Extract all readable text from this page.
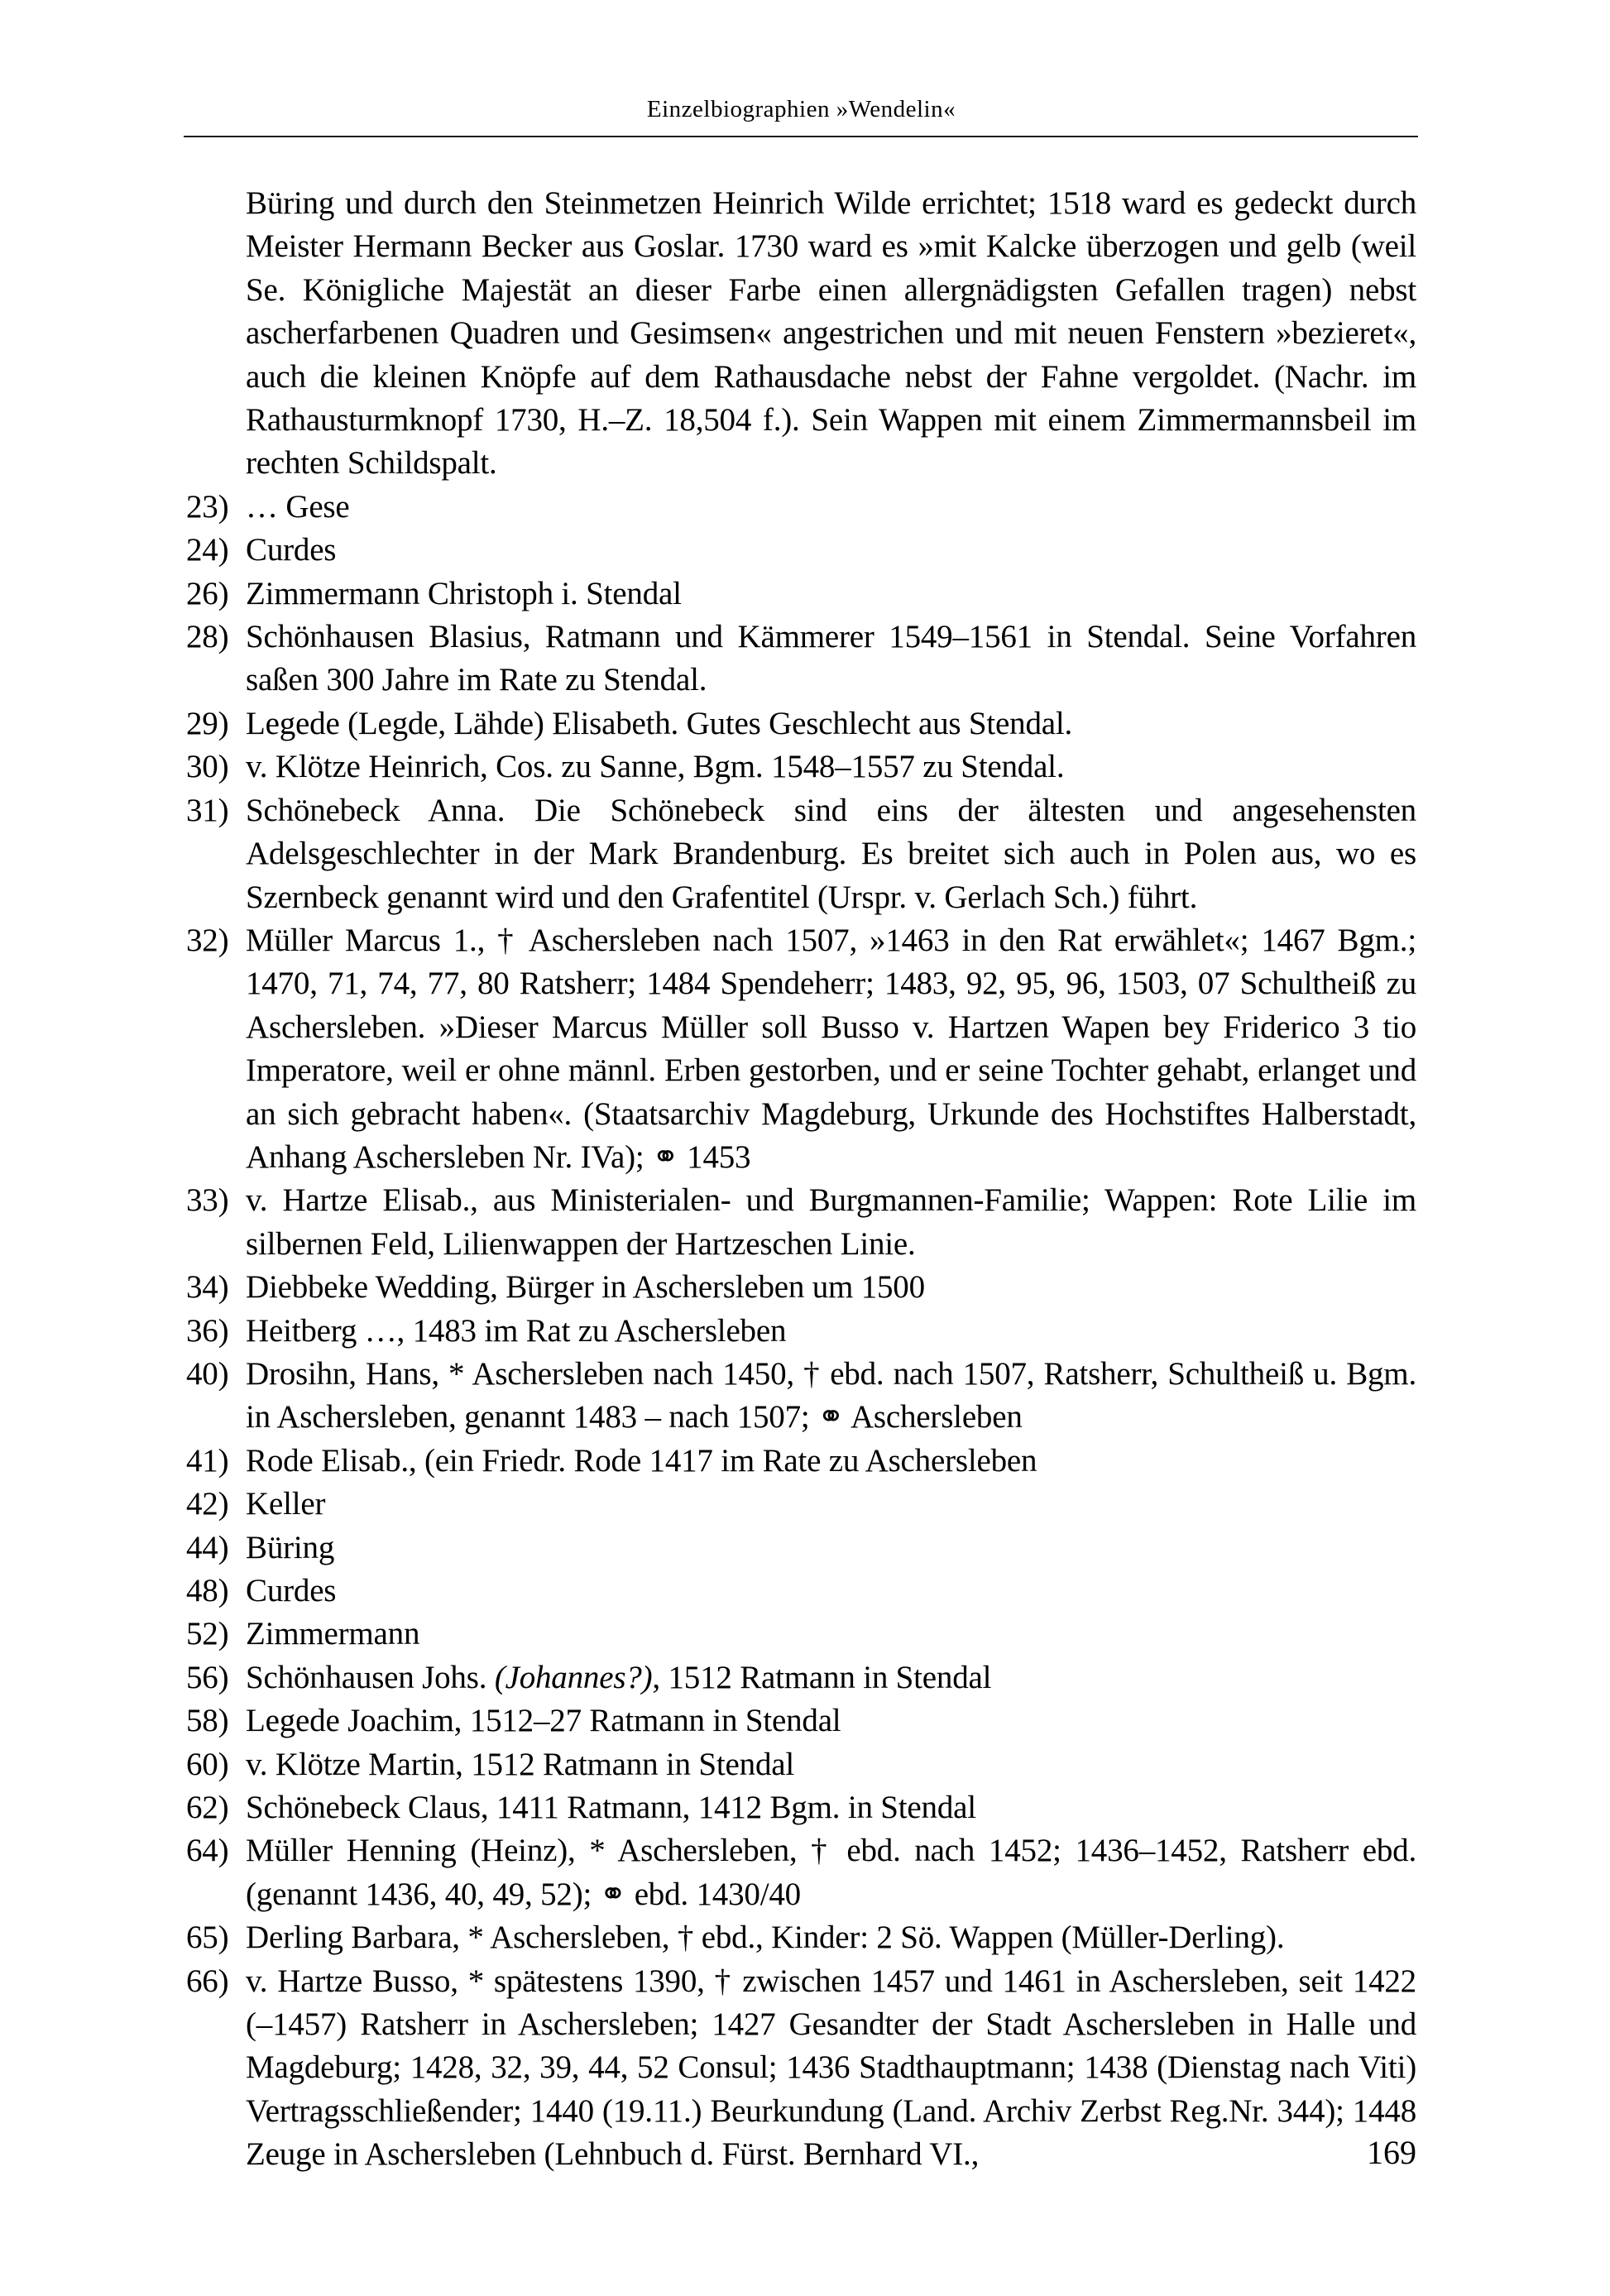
Einzelbiographien »Wendelin«
Büring und durch den Steinmetzen Heinrich Wilde errichtet; 1518 ward es gedeckt durch Meister Hermann Becker aus Goslar. 1730 ward es »mit Kalcke überzogen und gelb (weil Se. Königliche Majestät an dieser Farbe einen allergnädigsten Gefallen tragen) nebst ascherfarbenen Quadren und Gesimsen« angestrichen und mit neuen Fenstern »bezieret«, auch die kleinen Knöpfe auf dem Rathausdache nebst der Fahne vergoldet. (Nachr. im Rathausturmknopf 1730, H.–Z. 18,504 f.). Sein Wappen mit einem Zimmermannsbeil im rechten Schildspalt.
23) … Gese
24) Curdes
26) Zimmermann Christoph i. Stendal
28) Schönhausen Blasius, Ratmann und Kämmerer 1549–1561 in Stendal. Seine Vorfahren saßen 300 Jahre im Rate zu Stendal.
29) Legede (Legde, Lähde) Elisabeth. Gutes Geschlecht aus Stendal.
30) v. Klötze Heinrich, Cos. zu Sanne, Bgm. 1548–1557 zu Stendal.
31) Schönebeck Anna. Die Schönebeck sind eins der ältesten und angesehensten Adelsgeschlechter in der Mark Brandenburg. Es breitet sich auch in Polen aus, wo es Szernbeck genannt wird und den Grafentitel (Urspr. v. Gerlach Sch.) führt.
32) Müller Marcus 1., † Aschersleben nach 1507, »1463 in den Rat erwählet«; 1467 Bgm.; 1470, 71, 74, 77, 80 Ratsherr; 1484 Spendeherr; 1483, 92, 95, 96, 1503, 07 Schultheiß zu Aschersleben. »Dieser Marcus Müller soll Busso v. Hartzen Wapen bey Friderico 3 tio Imperatore, weil er ohne männl. Erben gestorben, und er seine Tochter gehabt, erlanget und an sich gebracht haben«. (Staatsarchiv Magdeburg, Urkunde des Hochstiftes Halberstadt, Anhang Aschersleben Nr. IVa); ⚭ 1453
33) v. Hartze Elisab., aus Ministerialen- und Burgmannen-Familie; Wappen: Rote Lilie im silbernen Feld, Lilienwappen der Hartzeschen Linie.
34) Diebbeke Wedding, Bürger in Aschersleben um 1500
36) Heitberg …, 1483 im Rat zu Aschersleben
40) Drosihn, Hans, * Aschersleben nach 1450, † ebd. nach 1507, Ratsherr, Schultheiß u. Bgm. in Aschersleben, genannt 1483 – nach 1507; ⚭ Aschersleben
41) Rode Elisab., (ein Friedr. Rode 1417 im Rate zu Aschersleben
42) Keller
44) Büring
48) Curdes
52) Zimmermann
56) Schönhausen Johs. (Johannes?), 1512 Ratmann in Stendal
58) Legede Joachim, 1512–27 Ratmann in Stendal
60) v. Klötze Martin, 1512 Ratmann in Stendal
62) Schönebeck Claus, 1411 Ratmann, 1412 Bgm. in Stendal
64) Müller Henning (Heinz), * Aschersleben, † ebd. nach 1452; 1436–1452, Ratsherr ebd. (genannt 1436, 40, 49, 52); ⚭ ebd. 1430/40
65) Derling Barbara, * Aschersleben, † ebd., Kinder: 2 Sö. Wappen (Müller-Derling).
66) v. Hartze Busso, * spätestens 1390, † zwischen 1457 und 1461 in Aschersleben, seit 1422 (–1457) Ratsherr in Aschersleben; 1427 Gesandter der Stadt Aschersleben in Halle und Magdeburg; 1428, 32, 39, 44, 52 Consul; 1436 Stadthauptmann; 1438 (Dienstag nach Viti) Vertragsschließender; 1440 (19.11.) Beurkundung (Land. Archiv Zerbst Reg.Nr. 344); 1448 Zeuge in Aschersleben (Lehnbuch d. Fürst. Bernhard VI.,	169
